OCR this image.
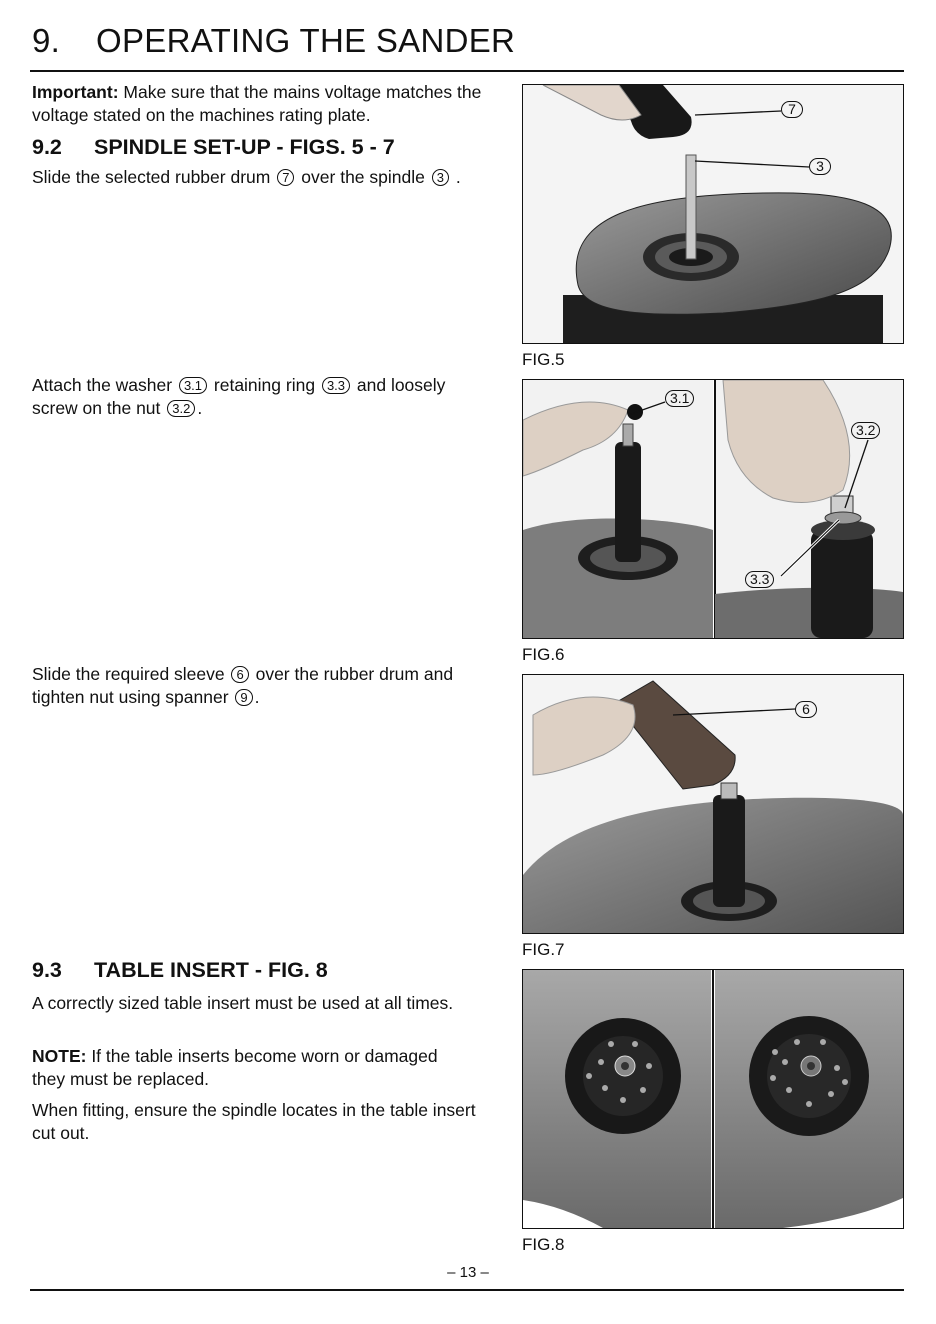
9. OPERATING THE SANDER
Important: Make sure that the mains voltage matches the voltage stated on the machines rating plate.
9.2 SPINDLE SET-UP - FIGS. 5 - 7
Slide the selected rubber drum 7 over the spindle 3 .
Attach the washer 3.1 retaining ring 3.3 and loosely screw on the nut 3.2 .
Slide the required sleeve 6 over the rubber drum and tighten nut using spanner 9 .
9.3 TABLE INSERT - FIG. 8
A correctly sized table insert must be used at all times.
NOTE: If the table inserts become worn or damaged they must be replaced.
When fitting, ensure the spindle locates in the table insert cut out.
7
3
FIG.5
3.1
3.2
3.3
FIG.6
6
FIG.7
FIG.8
– 13 –
